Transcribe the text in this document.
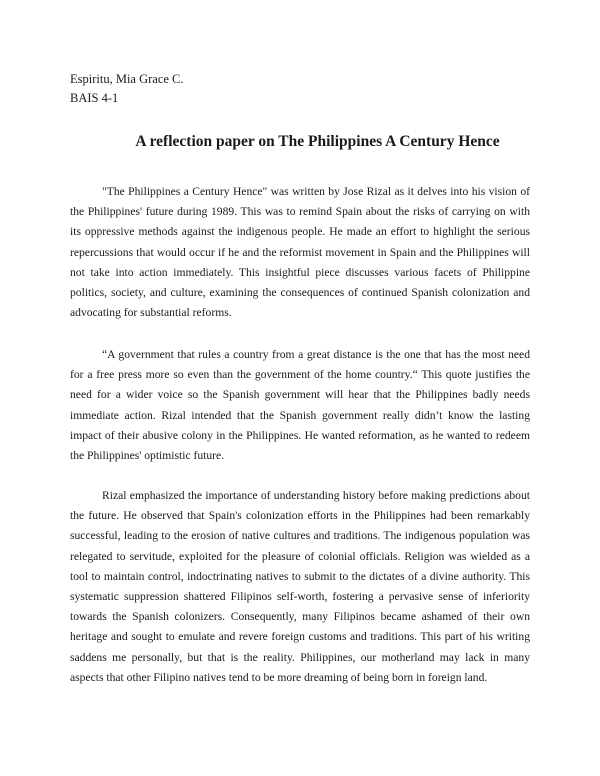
Espiritu, Mia Grace C.
BAIS 4-1
A reflection paper on The Philippines A Century Hence

"The Philippines a Century Hence" was written by Jose Rizal as it delves into his vision of the Philippines' future during 1989. This was to remind Spain about the risks of carrying on with its oppressive methods against the indigenous people. He made an effort to highlight the serious repercussions that would occur if he and the reformist movement in Spain and the Philippines will not take into action immediately. This insightful piece discusses various facets of Philippine politics, society, and culture, examining the consequences of continued Spanish colonization and advocating for substantial reforms.

“A government that rules a country from a great distance is the one that has the most need for a free press more so even than the government of the home country.“ This quote justifies the need for a wider voice so the Spanish government will hear that the Philippines badly needs immediate action. Rizal intended that the Spanish government really didn’t know the lasting impact of their abusive colony in the Philippines. He wanted reformation, as he wanted to redeem the Philippines' optimistic future.

Rizal emphasized the importance of understanding history before making predictions about the future. He observed that Spain's colonization efforts in the Philippines had been remarkably successful, leading to the erosion of native cultures and traditions. The indigenous population was relegated to servitude, exploited for the pleasure of colonial officials. Religion was wielded as a tool to maintain control, indoctrinating natives to submit to the dictates of a divine authority. This systematic suppression shattered Filipinos self-worth, fostering a pervasive sense of inferiority towards the Spanish colonizers. Consequently, many Filipinos became ashamed of their own heritage and sought to emulate and revere foreign customs and traditions. This part of his writing saddens me personally, but that is the reality. Philippines, our motherland may lack in many aspects that other Filipino natives tend to be more dreaming of being born in foreign land.
